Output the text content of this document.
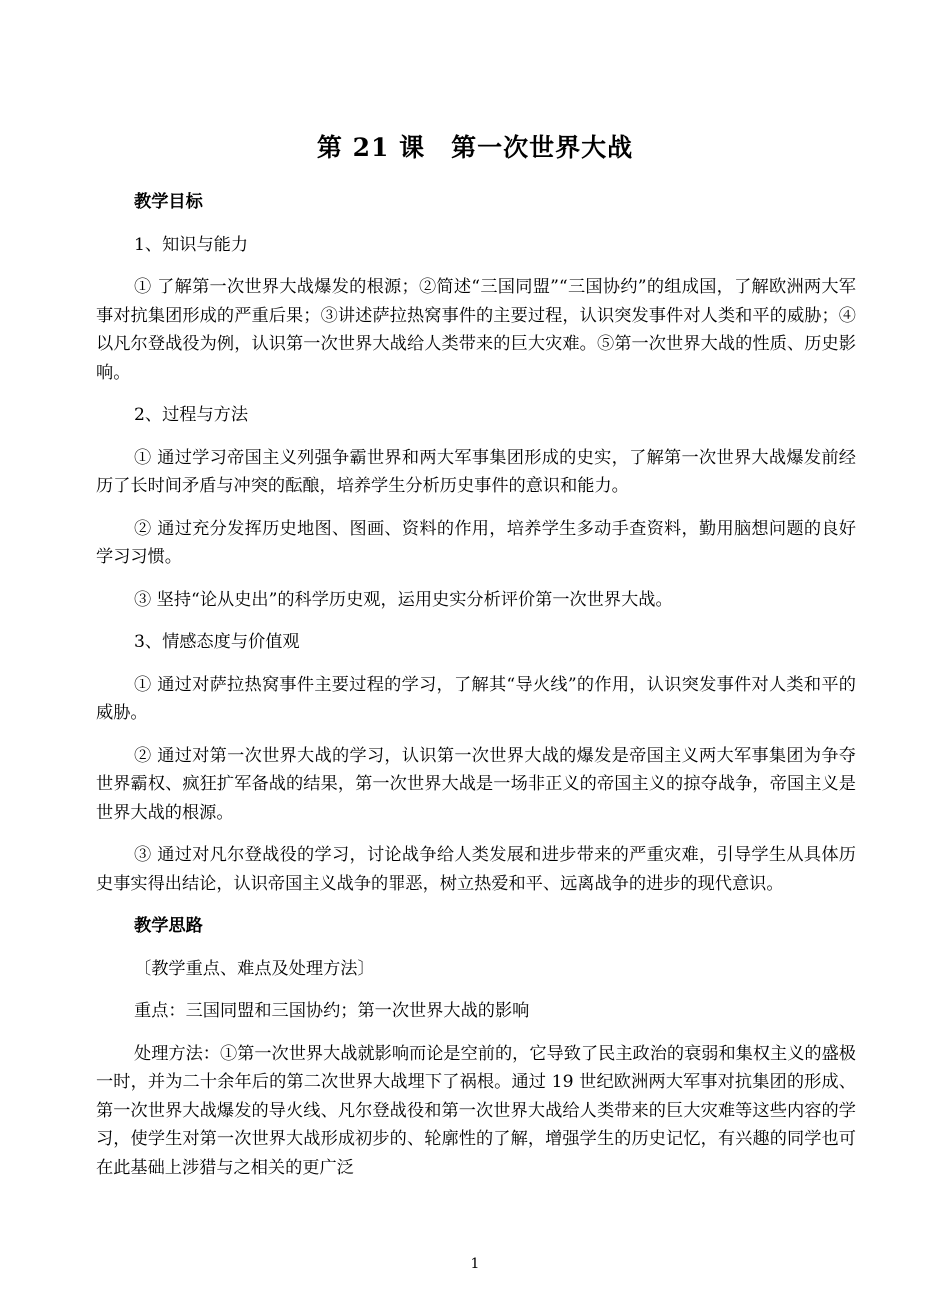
第 21 课　第一次世界大战

教学目标

1、知识与能力

① 了解第一次世界大战爆发的根源；②简述“三国同盟”“三国协约”的组成国，了解欧洲两大军事对抗集团形成的严重后果；③讲述萨拉热窝事件的主要过程，认识突发事件对人类和平的威胁；④以凡尔登战役为例，认识第一次世界大战给人类带来的巨大灾难。⑤第一次世界大战的性质、历史影响。

2、过程与方法

① 通过学习帝国主义列强争霸世界和两大军事集团形成的史实，了解第一次世界大战爆发前经历了长时间矛盾与冲突的酝酿，培养学生分析历史事件的意识和能力。

② 通过充分发挥历史地图、图画、资料的作用，培养学生多动手查资料，勤用脑想问题的良好学习习惯。

③ 坚持“论从史出”的科学历史观，运用史实分析评价第一次世界大战。

3、情感态度与价值观

① 通过对萨拉热窝事件主要过程的学习，了解其“导火线”的作用，认识突发事件对人类和平的威胁。

② 通过对第一次世界大战的学习，认识第一次世界大战的爆发是帝国主义两大军事集团为争夺世界霸权、疯狂扩军备战的结果，第一次世界大战是一场非正义的帝国主义的掠夺战争，帝国主义是世界大战的根源。

③ 通过对凡尔登战役的学习，讨论战争给人类发展和进步带来的严重灾难，引导学生从具体历史事实得出结论，认识帝国主义战争的罪恶，树立热爱和平、远离战争的进步的现代意识。

教学思路

〔教学重点、难点及处理方法〕

重点：三国同盟和三国协约；第一次世界大战的影响

处理方法：①第一次世界大战就影响而论是空前的，它导致了民主政治的衰弱和集权主义的盛极一时，并为二十余年后的第二次世界大战埋下了祸根。通过 19 世纪欧洲两大军事对抗集团的形成、第一次世界大战爆发的导火线、凡尔登战役和第一次世界大战给人类带来的巨大灾难等这些内容的学习，使学生对第一次世界大战形成初步的、轮廓性的了解，增强学生的历史记忆，有兴趣的同学也可在此基础上涉猎与之相关的更广泛

1
